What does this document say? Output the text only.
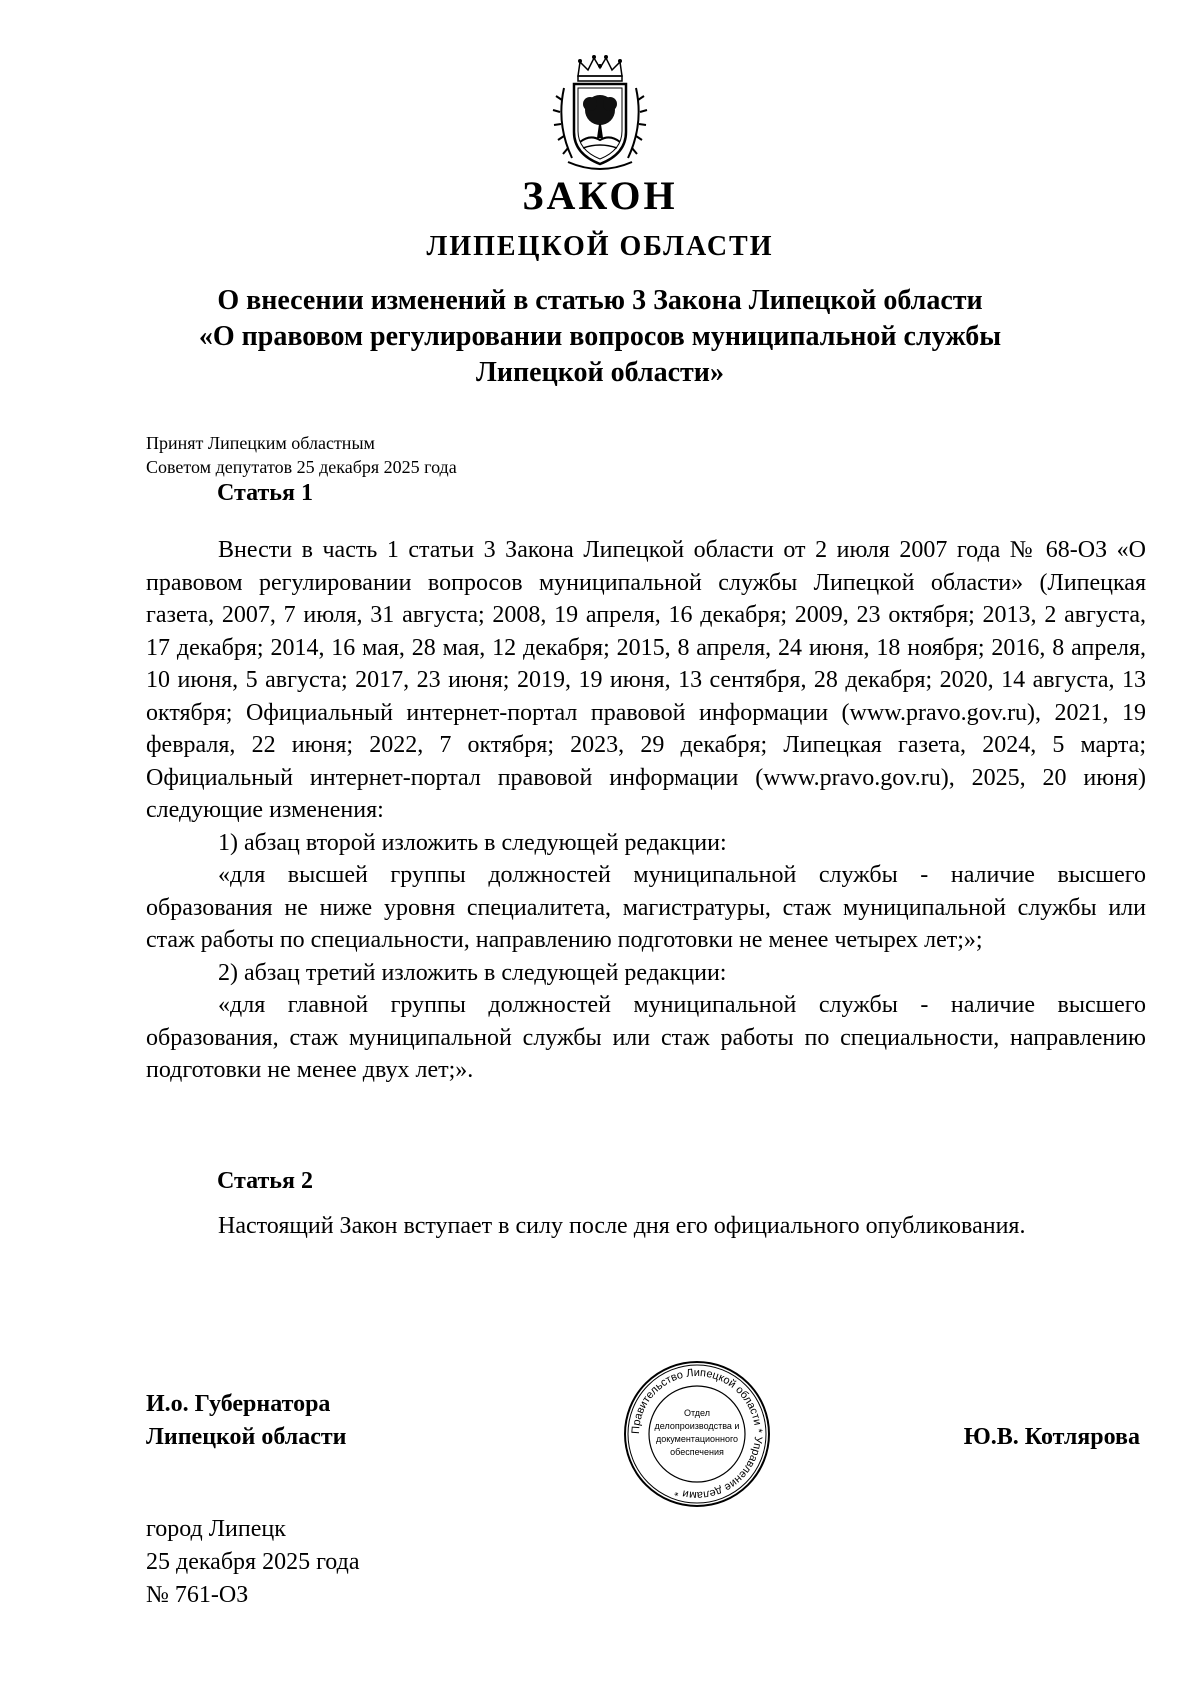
ЗАКОН
ЛИПЕЦКОЙ ОБЛАСТИ
О внесении изменений в статью 3 Закона Липецкой области
«О правовом регулировании вопросов муниципальной службы
Липецкой области»
Принят Липецким областным
Советом депутатов 25 декабря 2025 года
Статья 1

Внести в часть 1 статьи 3 Закона Липецкой области от 2 июля 2007 года № 68-ОЗ «О правовом регулировании вопросов муниципальной службы Липецкой области» (Липецкая газета, 2007, 7 июля, 31 августа; 2008, 19 апреля, 16 декабря; 2009, 23 октября; 2013, 2 августа, 17 декабря; 2014, 16 мая, 28 мая, 12 декабря; 2015, 8 апреля, 24 июня, 18 ноября; 2016, 8 апреля, 10 июня, 5 августа; 2017, 23 июня; 2019, 19 июня, 13 сентября, 28 декабря; 2020, 14 августа, 13 октября; Официальный интернет-портал правовой информации (www.pravo.gov.ru), 2021, 19 февраля, 22 июня; 2022, 7 октября; 2023, 29 декабря; Липецкая газета, 2024, 5 марта; Официальный интернет-портал правовой информации (www.pravo.gov.ru), 2025, 20 июня) следующие изменения:

1) абзац второй изложить в следующей редакции:

«для высшей группы должностей муниципальной службы - наличие высшего образования не ниже уровня специалитета, магистратуры, стаж муниципальной службы или стаж работы по специальности, направлению подготовки не менее четырех лет;»;

2) абзац третий изложить в следующей редакции:

«для главной группы должностей муниципальной службы - наличие высшего образования, стаж муниципальной службы или стаж работы по специальности, направлению подготовки не менее двух лет;».

Статья 2

Настоящий Закон вступает в силу после дня его официального опубликования.

И.о. Губернатора
Липецкой области	Правительство Липецкой области * Управление делами *
Отдел
делопроизводства и
документационного
обеспечения
Ю.В. Котлярова
город Липецк
25 декабря 2025 года
№ 761-ОЗ
